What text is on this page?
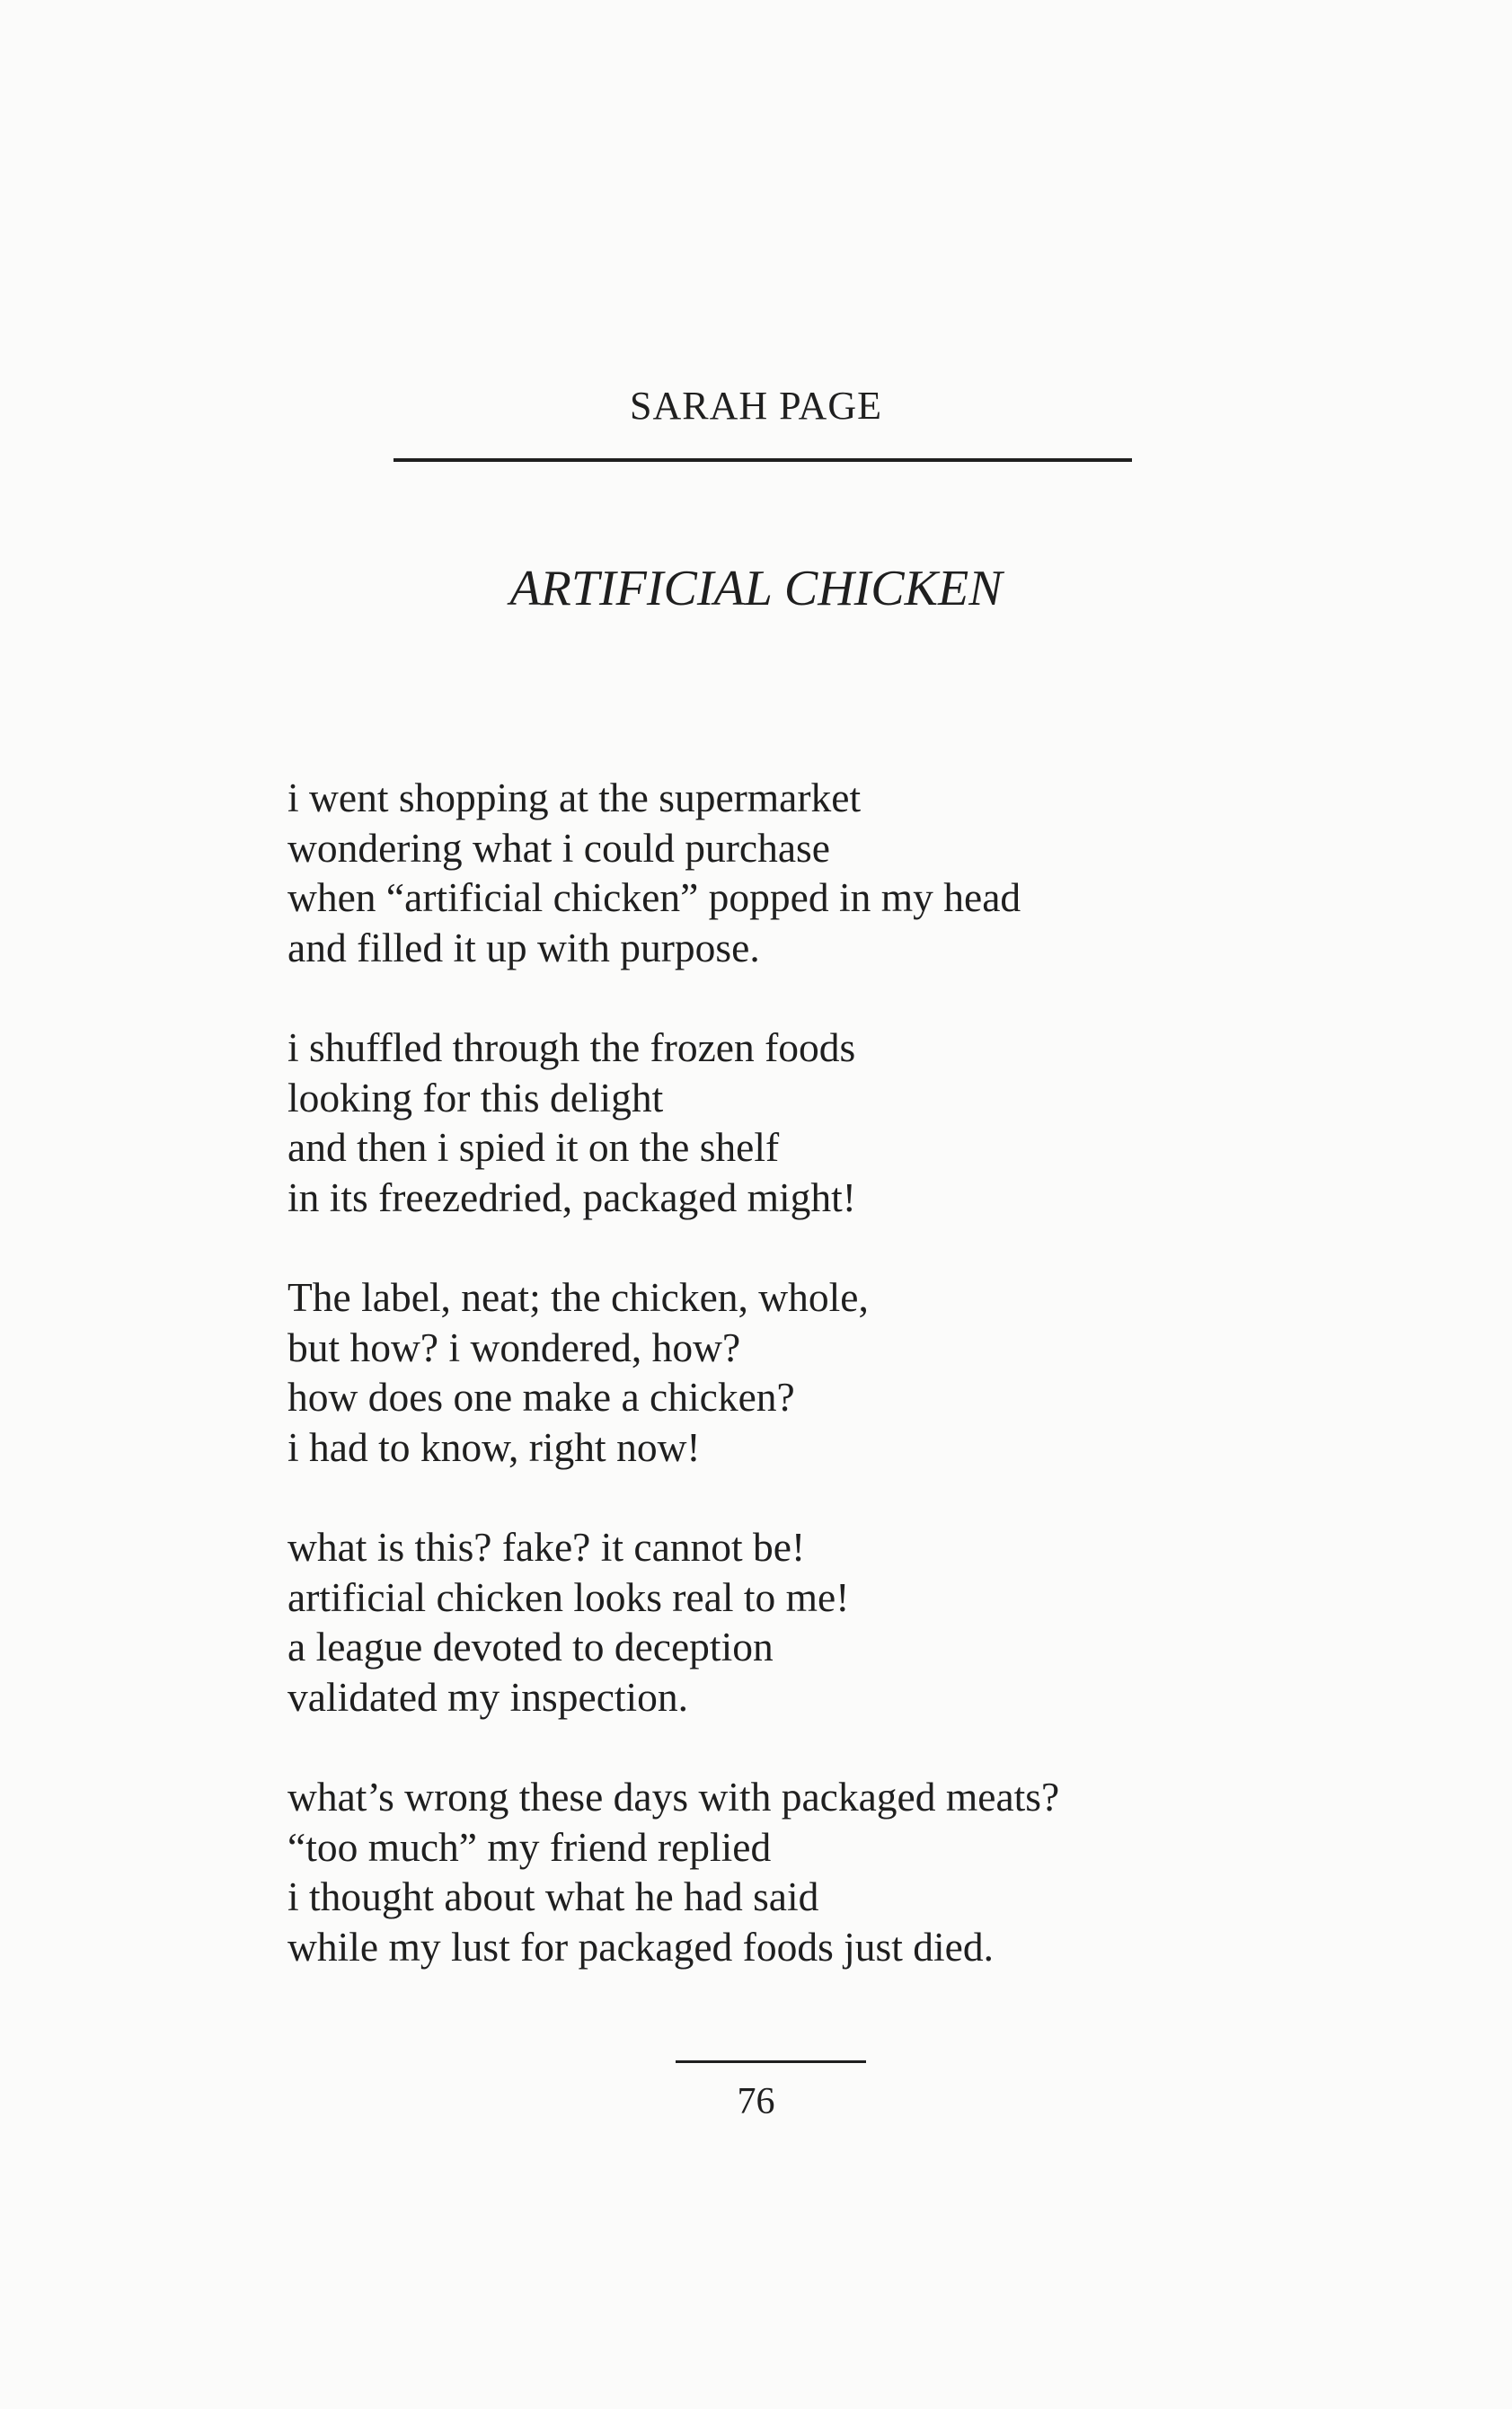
SARAH PAGE
ARTIFICIAL CHICKEN
i went shopping at the supermarket
wondering what i could purchase
when “artificial chicken” popped in my head
and filled it up with purpose.
i shuffled through the frozen foods
looking for this delight
and then i spied it on the shelf
in its freezedried, packaged might!
The label, neat; the chicken, whole,
but how? i wondered, how?
how does one make a chicken?
i had to know, right now!
what is this? fake? it cannot be!
artificial chicken looks real to me!
a league devoted to deception
validated my inspection.
what’s wrong these days with packaged meats?
“too much” my friend replied
i thought about what he had said
while my lust for packaged foods just died.
76
